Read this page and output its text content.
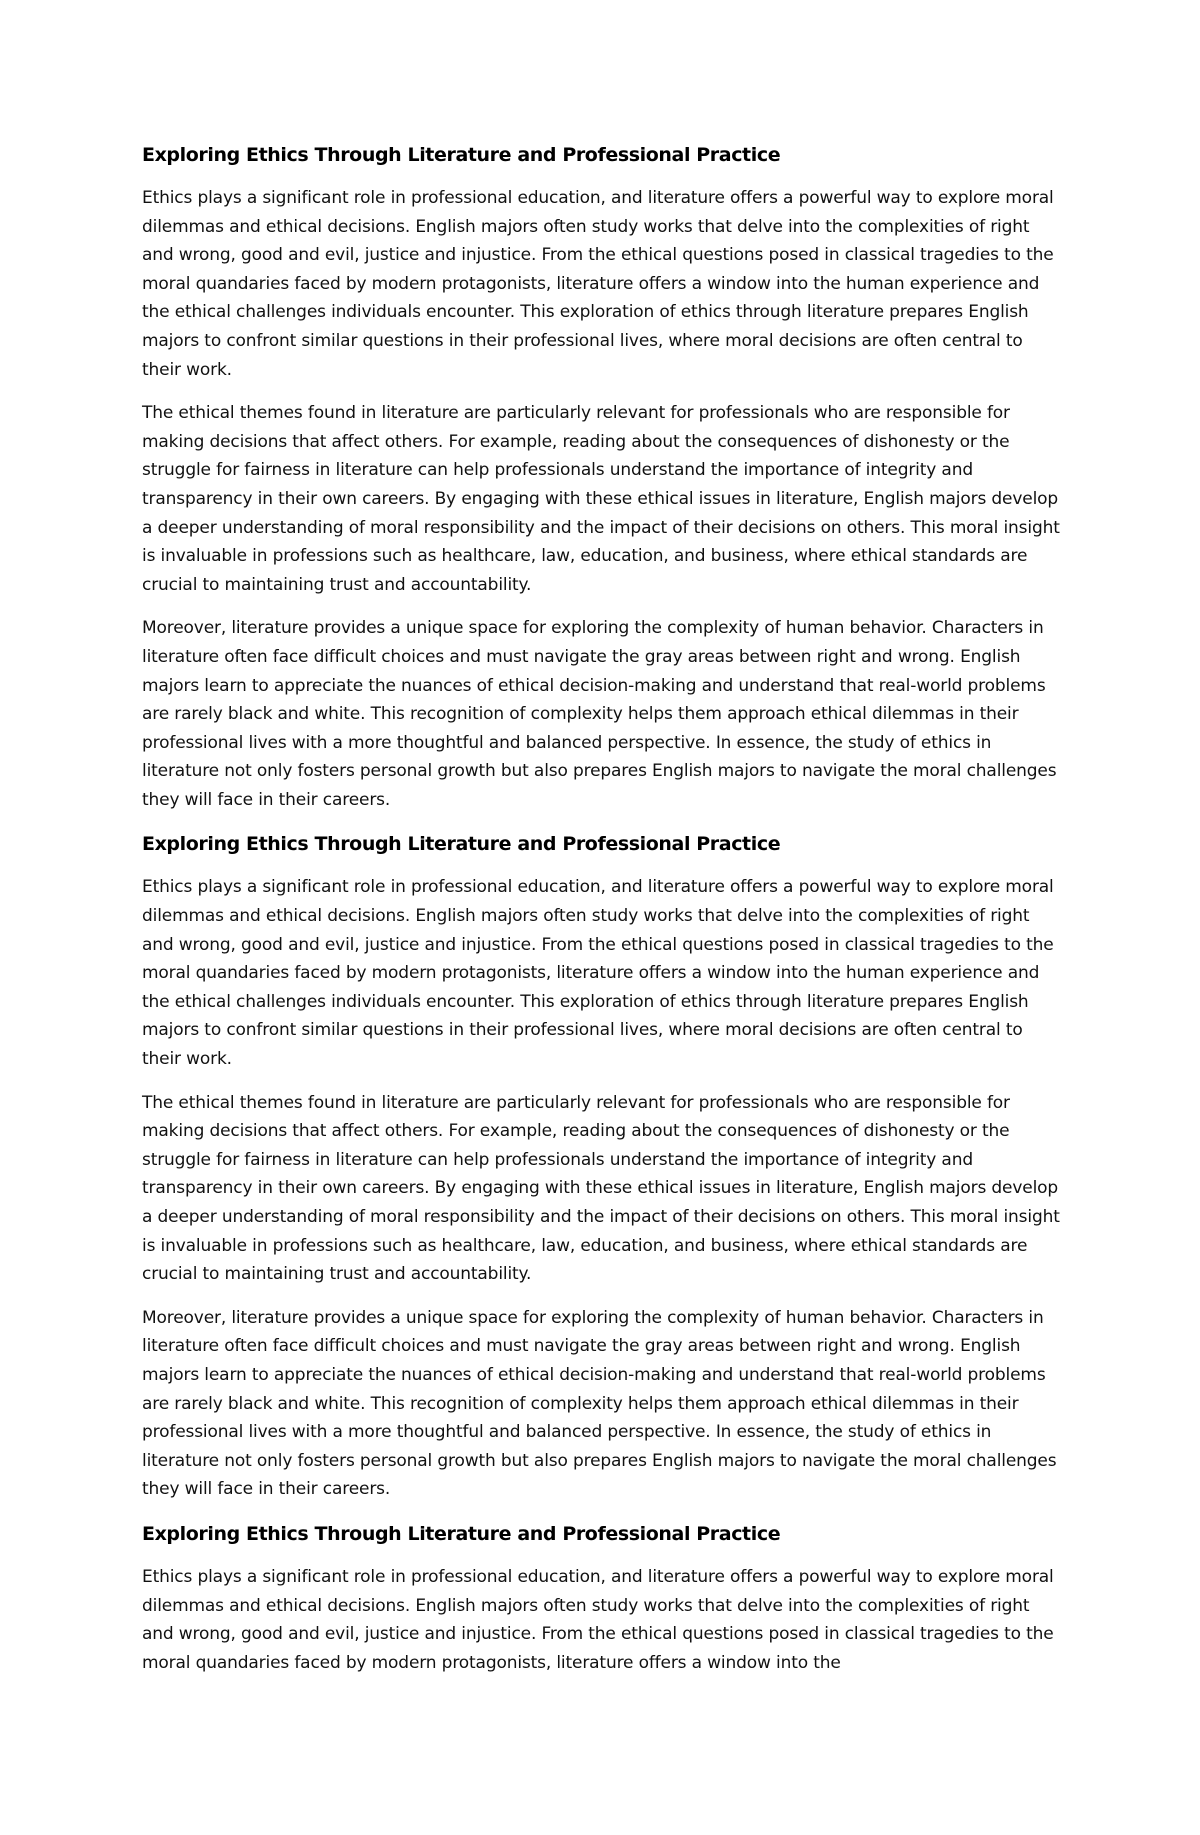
Exploring Ethics Through Literature and Professional Practice

Ethics plays a significant role in professional education, and literature offers a powerful way to explore moral dilemmas and ethical decisions. English majors often study works that delve into the complexities of right and wrong, good and evil, justice and injustice. From the ethical questions posed in classical tragedies to the moral quandaries faced by modern protagonists, literature offers a window into the human experience and the ethical challenges individuals encounter. This exploration of ethics through literature prepares English majors to confront similar questions in their professional lives, where moral decisions are often central to their work.

The ethical themes found in literature are particularly relevant for professionals who are responsible for making decisions that affect others. For example, reading about the consequences of dishonesty or the struggle for fairness in literature can help professionals understand the importance of integrity and transparency in their own careers. By engaging with these ethical issues in literature, English majors develop a deeper understanding of moral responsibility and the impact of their decisions on others. This moral insight is invaluable in professions such as healthcare, law, education, and business, where ethical standards are crucial to maintaining trust and accountability.

Moreover, literature provides a unique space for exploring the complexity of human behavior. Characters in literature often face difficult choices and must navigate the gray areas between right and wrong. English majors learn to appreciate the nuances of ethical decision-making and understand that real-world problems are rarely black and white. This recognition of complexity helps them approach ethical dilemmas in their professional lives with a more thoughtful and balanced perspective. In essence, the study of ethics in literature not only fosters personal growth but also prepares English majors to navigate the moral challenges they will face in their careers.

Exploring Ethics Through Literature and Professional Practice

Ethics plays a significant role in professional education, and literature offers a powerful way to explore moral dilemmas and ethical decisions. English majors often study works that delve into the complexities of right and wrong, good and evil, justice and injustice. From the ethical questions posed in classical tragedies to the moral quandaries faced by modern protagonists, literature offers a window into the human experience and the ethical challenges individuals encounter. This exploration of ethics through literature prepares English majors to confront similar questions in their professional lives, where moral decisions are often central to their work.

The ethical themes found in literature are particularly relevant for professionals who are responsible for making decisions that affect others. For example, reading about the consequences of dishonesty or the struggle for fairness in literature can help professionals understand the importance of integrity and transparency in their own careers. By engaging with these ethical issues in literature, English majors develop a deeper understanding of moral responsibility and the impact of their decisions on others. This moral insight is invaluable in professions such as healthcare, law, education, and business, where ethical standards are crucial to maintaining trust and accountability.

Moreover, literature provides a unique space for exploring the complexity of human behavior. Characters in literature often face difficult choices and must navigate the gray areas between right and wrong. English majors learn to appreciate the nuances of ethical decision-making and understand that real-world problems are rarely black and white. This recognition of complexity helps them approach ethical dilemmas in their professional lives with a more thoughtful and balanced perspective. In essence, the study of ethics in literature not only fosters personal growth but also prepares English majors to navigate the moral challenges they will face in their careers.

Exploring Ethics Through Literature and Professional Practice

Ethics plays a significant role in professional education, and literature offers a powerful way to explore moral dilemmas and ethical decisions. English majors often study works that delve into the complexities of right and wrong, good and evil, justice and injustice. From the ethical questions posed in classical tragedies to the moral quandaries faced by modern protagonists, literature offers a window into the
